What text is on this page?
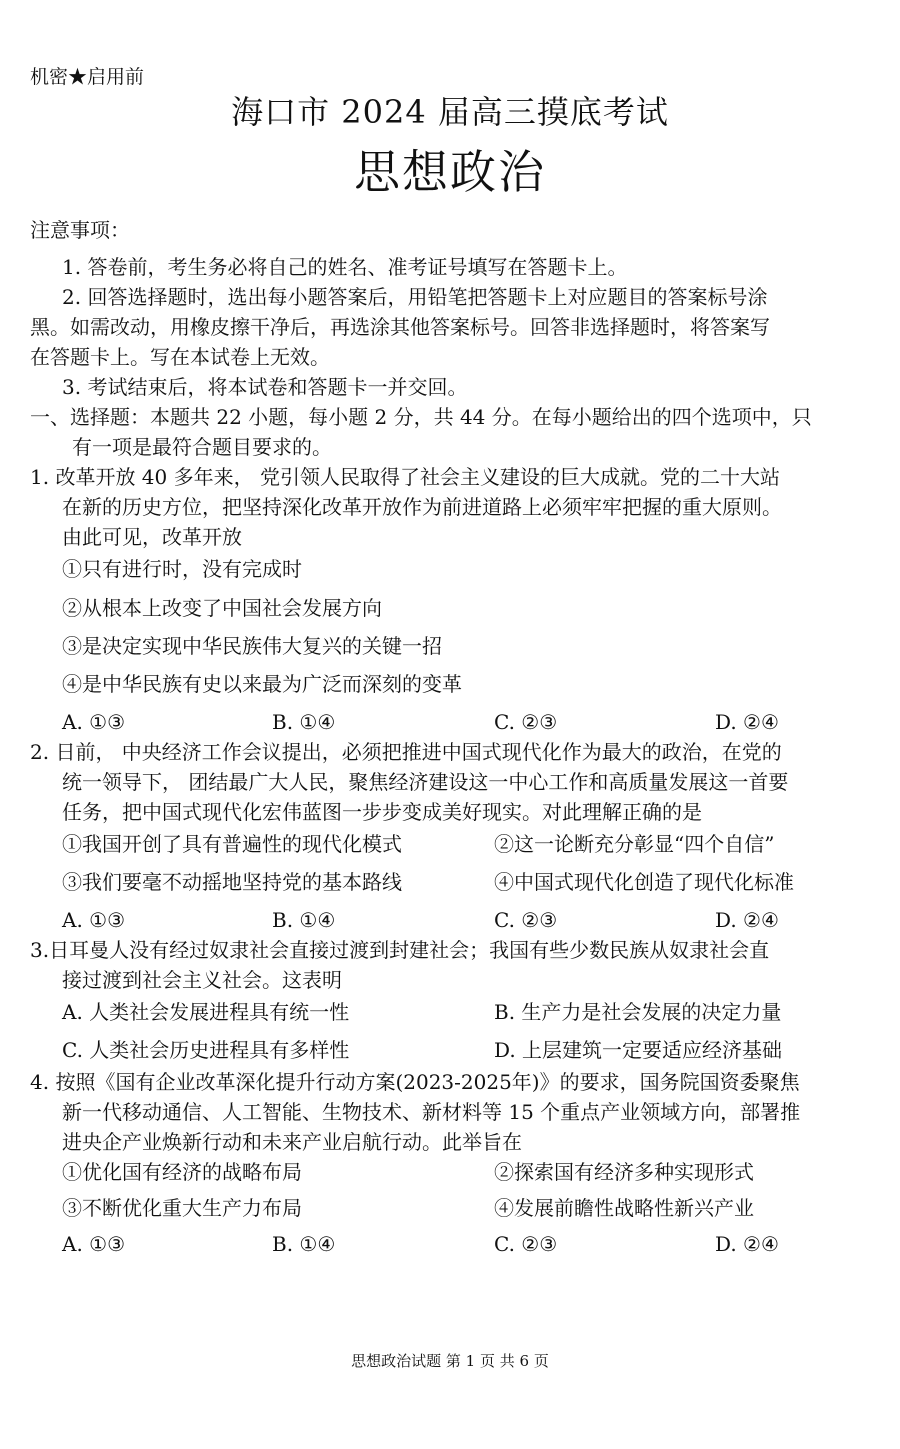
机密★启用前
海口市 2024 届高三摸底考试
思想政治
注意事项：
1. 答卷前，考生务必将自己的姓名、准考证号填写在答题卡上。
2. 回答选择题时，选出每小题答案后，用铅笔把答题卡上对应题目的答案标号涂
黑。如需改动，用橡皮擦干净后，再选涂其他答案标号。回答非选择题时，将答案写
在答题卡上。写在本试卷上无效。
3. 考试结束后，将本试卷和答题卡一并交回。
一、选择题：本题共 22 小题，每小题 2 分，共 44 分。在每小题给出的四个选项中，只
有一项是最符合题目要求的。
1. 改革开放 40 多年来， 党引领人民取得了社会主义建设的巨大成就。党的二十大站
在新的历史方位，把坚持深化改革开放作为前进道路上必须牢牢把握的重大原则。
由此可见，改革开放
①只有进行时，没有完成时
②从根本上改变了中国社会发展方向
③是决定实现中华民族伟大复兴的关键一招
④是中华民族有史以来最为广泛而深刻的变革
A. ①③	B. ①④	C. ②③	D. ②④
2. 日前， 中央经济工作会议提出，必须把推进中国式现代化作为最大的政治，在党的
统一领导下， 团结最广大人民，聚焦经济建设这一中心工作和高质量发展这一首要
任务，把中国式现代化宏伟蓝图一步步变成美好现实。对此理解正确的是
①我国开创了具有普遍性的现代化模式	②这一论断充分彰显“四个自信”
③我们要毫不动摇地坚持党的基本路线	④中国式现代化创造了现代化标准
A. ①③	B. ①④	C. ②③	D. ②④
3.日耳曼人没有经过奴隶社会直接过渡到封建社会；我国有些少数民族从奴隶社会直
接过渡到社会主义社会。这表明
A. 人类社会发展进程具有统一性	B. 生产力是社会发展的决定力量
C. 人类社会历史进程具有多样性	D. 上层建筑一定要适应经济基础
4. 按照《国有企业改革深化提升行动方案(2023-2025年)》的要求，国务院国资委聚焦
新一代移动通信、人工智能、生物技术、新材料等 15 个重点产业领域方向，部署推
进央企产业焕新行动和未来产业启航行动。此举旨在
①优化国有经济的战略布局	②探索国有经济多种实现形式
③不断优化重大生产力布局	④发展前瞻性战略性新兴产业
A. ①③	B. ①④	C. ②③	D. ②④
思想政治试题 第 1 页 共 6 页
